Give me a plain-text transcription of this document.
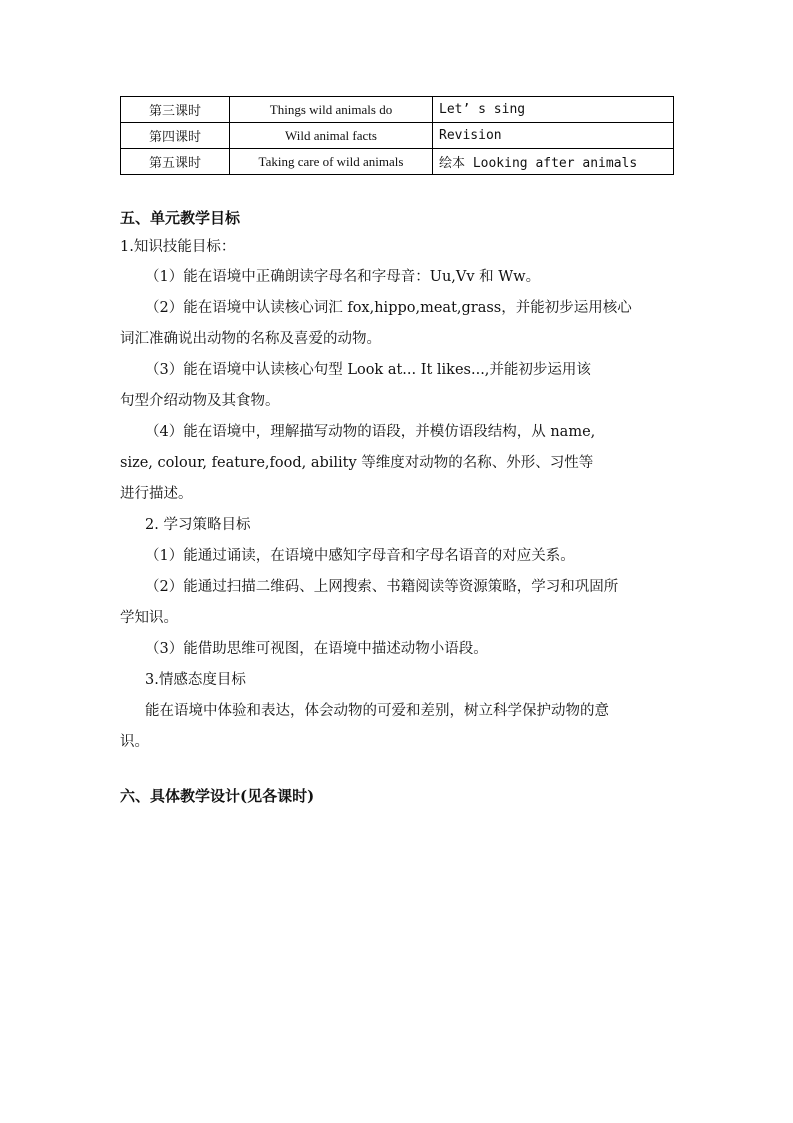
第三课时	Things wild animals do	Let’ s sing
第四课时	Wild animal facts	Revision
第五课时	Taking care of wild animals	绘本 Looking after animals
五、单元教学目标
1.知识技能目标：
（1）能在语境中正确朗读字母名和字母音：Uu,Vv 和 Ww。
（2）能在语境中认读核心词汇 fox,hippo,meat,grass，并能初步运用核心
词汇准确说出动物的名称及喜爱的动物。
（3）能在语境中认读核心句型 Look at... It likes...,并能初步运用该
句型介绍动物及其食物。
（4）能在语境中，理解描写动物的语段，并模仿语段结构，从 name,
size, colour, feature,food, ability 等维度对动物的名称、外形、习性等
进行描述。
2. 学习策略目标
（1）能通过诵读，在语境中感知字母音和字母名语音的对应关系。
（2）能通过扫描二维码、上网搜索、书籍阅读等资源策略，学习和巩固所
学知识。
（3）能借助思维可视图，在语境中描述动物小语段。
3.情感态度目标
能在语境中体验和表达，体会动物的可爱和差别，树立科学保护动物的意
识。
六、具体教学设计(见各课时)
